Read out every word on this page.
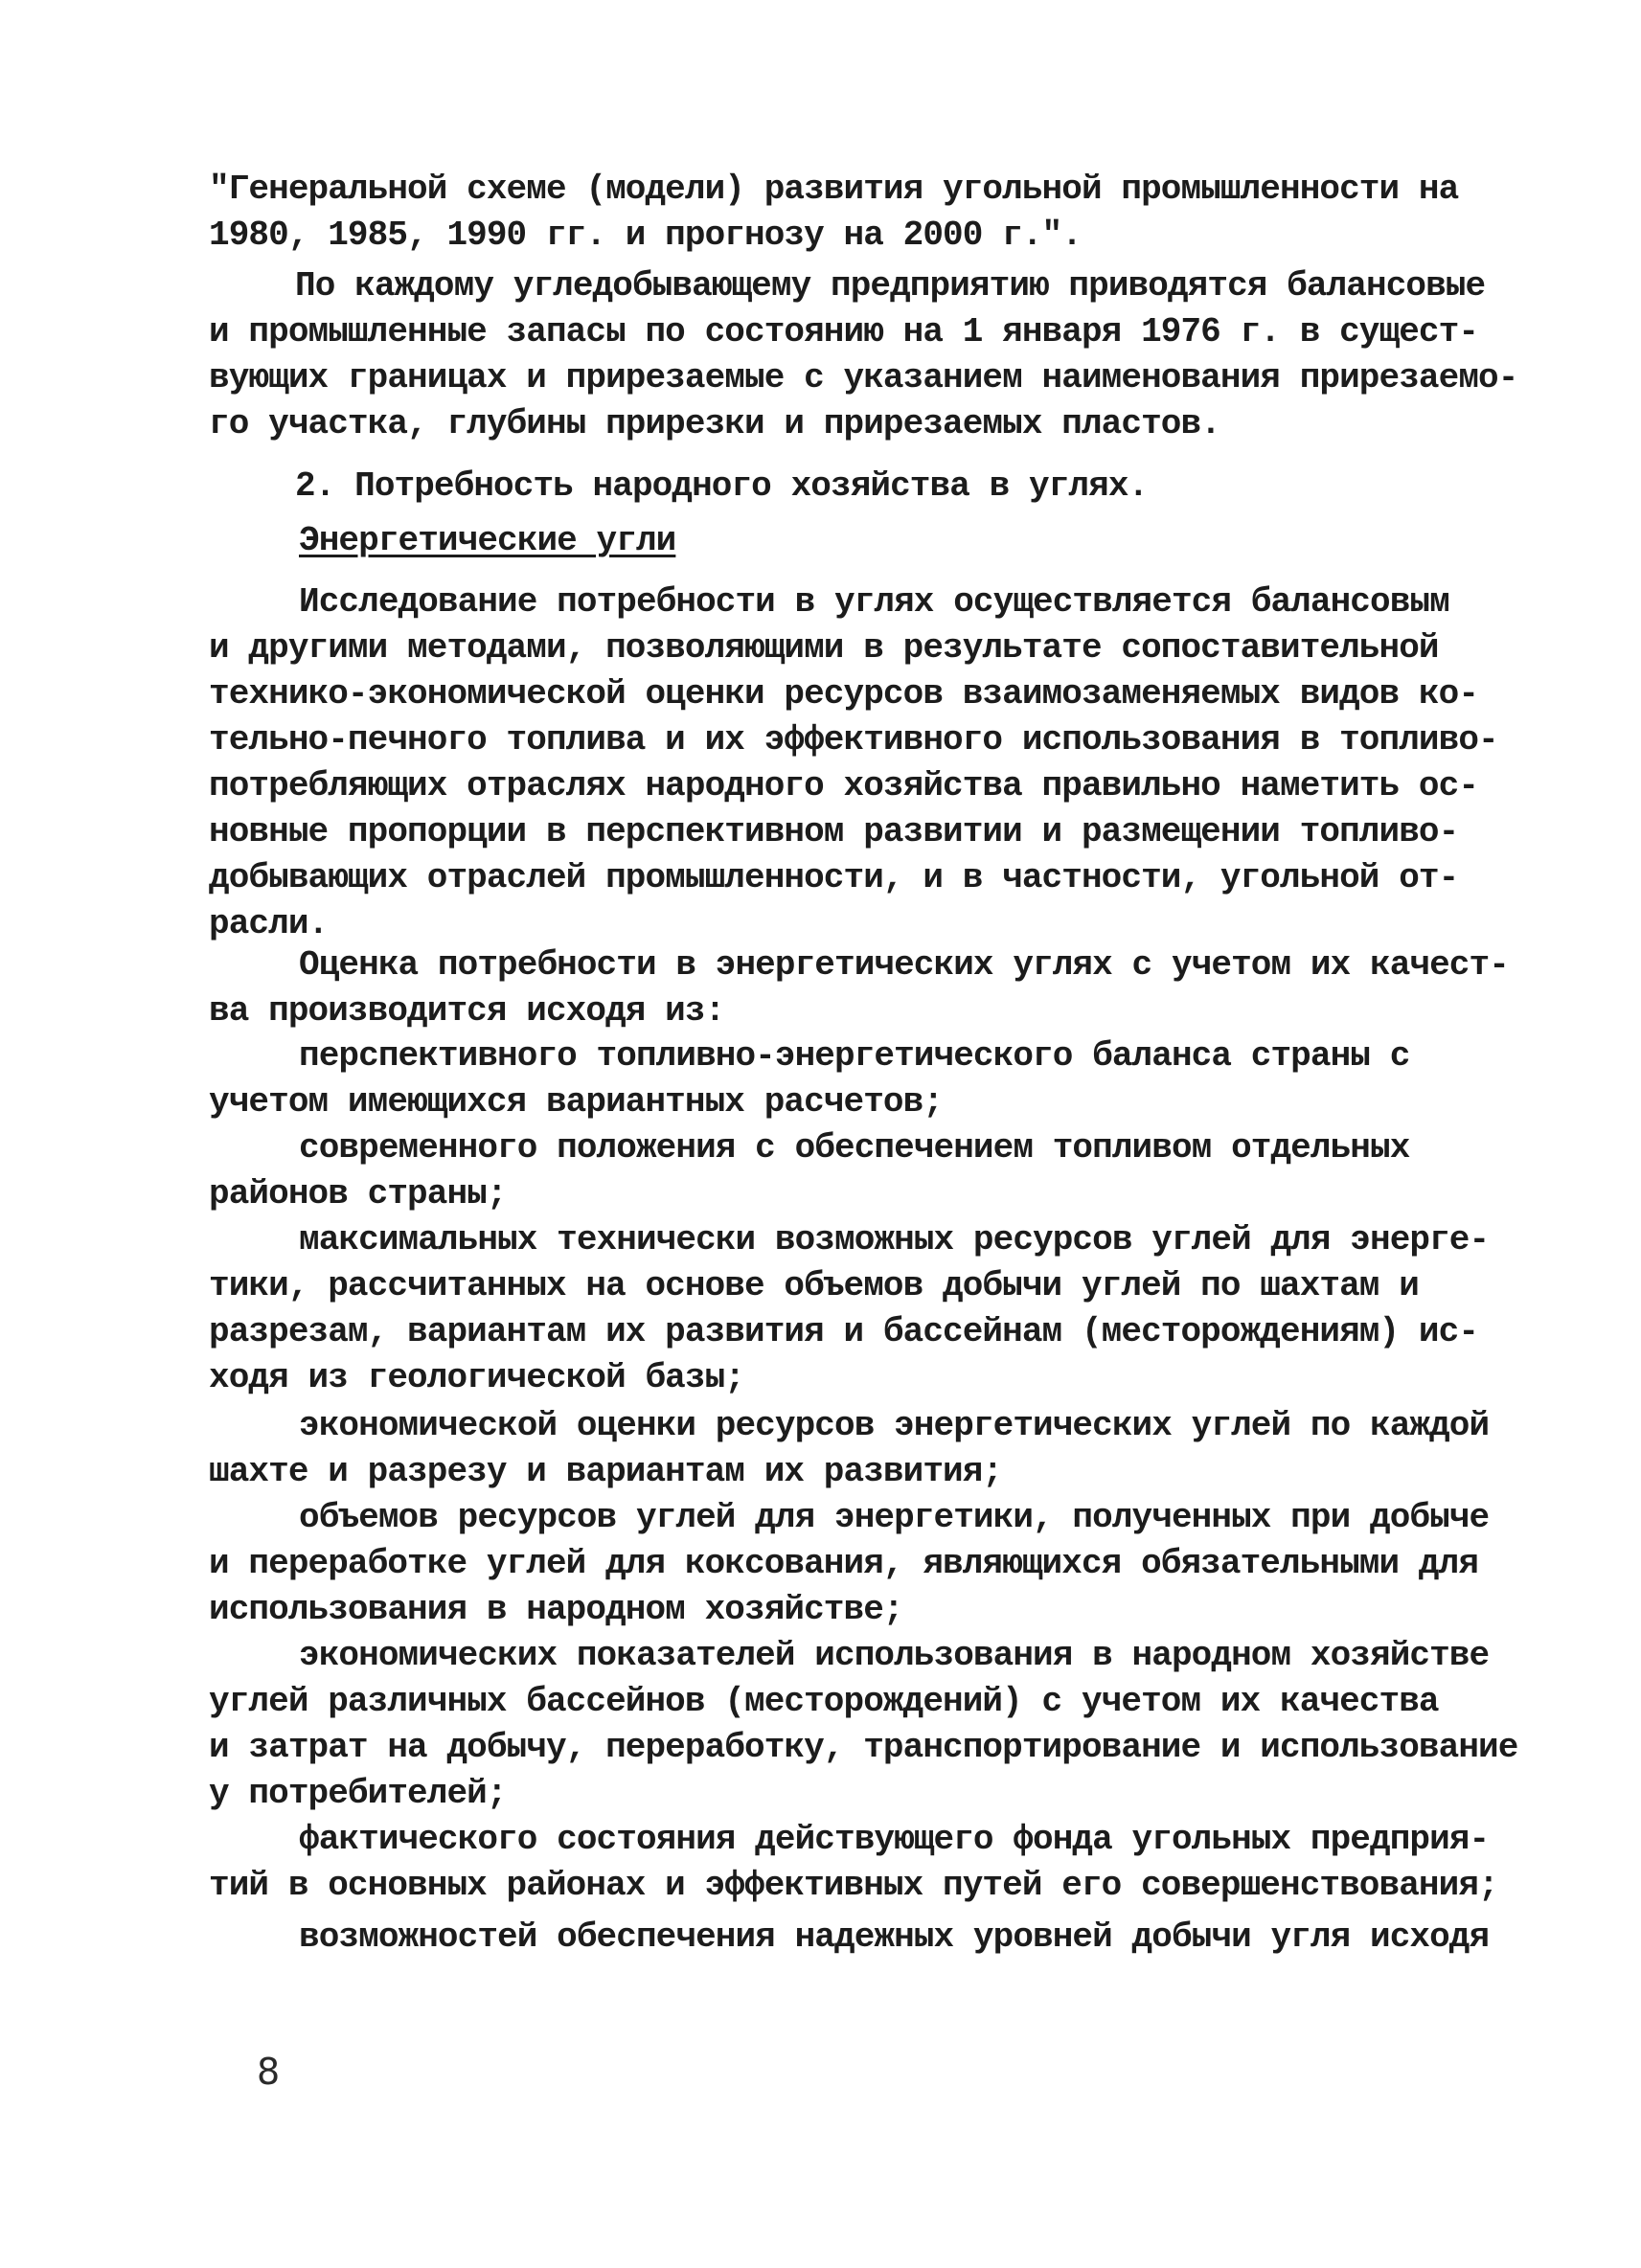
"Генеральной схеме (модели) развития угольной промышленности на
1980, 1985, 1990 гг. и прогнозу на 2000 г.".
По каждому угледобывающему предприятию приводятся балансовые
и промышленные запасы по состоянию на 1 января 1976 г. в сущест-
вующих границах и прирезаемые с указанием наименования прирезаемо-
го участка, глубины прирезки и прирезаемых пластов.
2. Потребность народного хозяйства в углях.
Энергетические угли
Исследование потребности в углях осуществляется балансовым
и другими методами, позволяющими в результате сопоставительной
технико-экономической оценки ресурсов взаимозаменяемых видов ко-
тельно-печного топлива и их эффективного использования в топливо-
потребляющих отраслях народного хозяйства правильно наметить ос-
новные пропорции в перспективном развитии и размещении топливо-
добывающих отраслей промышленности, и в частности, угольной от-
расли.
Оценка потребности в энергетических углях с учетом их качест-
ва производится исходя из:
перспективного топливно-энергетического баланса страны с
учетом имеющихся вариантных расчетов;
современного положения с обеспечением топливом отдельных
районов страны;
максимальных технически возможных ресурсов углей для энерге-
тики, рассчитанных на основе объемов добычи углей по шахтам и
разрезам, вариантам их развития и бассейнам (месторождениям) ис-
ходя из геологической базы;
экономической оценки ресурсов энергетических углей по каждой
шахте и разрезу и вариантам их развития;
объемов ресурсов углей для энергетики, полученных при добыче
и переработке углей для коксования, являющихся обязательными для
использования в народном хозяйстве;
экономических показателей использования в народном хозяйстве
углей различных бассейнов (месторождений) с учетом их качества
и затрат на добычу, переработку, транспортирование и использование
у потребителей;
фактического состояния действующего фонда угольных предприя-
тий в основных районах и эффективных путей его совершенствования;
возможностей обеспечения надежных уровней добычи угля исходя
8
